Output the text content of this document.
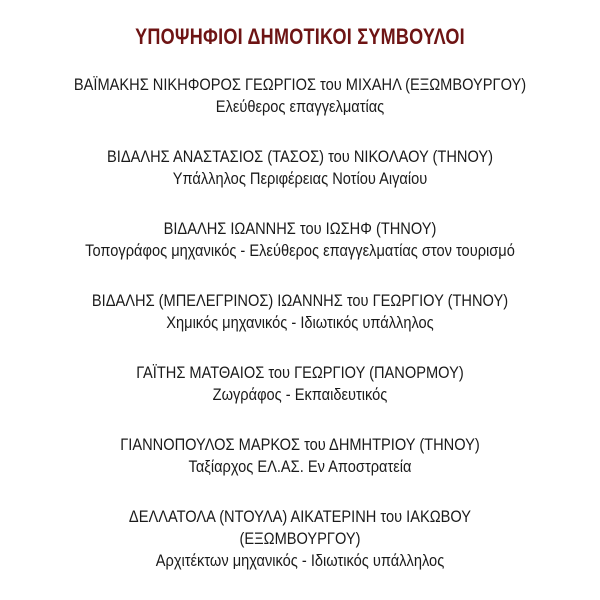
ΥΠΟΨΗΦΙΟΙ ΔΗΜΟΤΙΚΟΙ ΣΥΜΒΟΥΛΟΙ
ΒΑΪΜΑΚΗΣ ΝΙΚΗΦΟΡΟΣ ΓΕΩΡΓΙΟΣ του ΜΙΧΑΗΛ (ΕΞΩΜΒΟΥΡΓΟΥ)
Ελεύθερος επαγγελματίας
ΒΙΔΑΛΗΣ ΑΝΑΣΤΑΣΙΟΣ (ΤΑΣΟΣ) του ΝΙΚΟΛΑΟΥ (ΤΗΝΟΥ)
Υπάλληλος Περιφέρειας Νοτίου Αιγαίου
ΒΙΔΑΛΗΣ ΙΩΑΝΝΗΣ του ΙΩΣΗΦ (ΤΗΝΟΥ)
Τοπογράφος μηχανικός - Ελεύθερος επαγγελματίας στον τουρισμό
ΒΙΔΑΛΗΣ (ΜΠΕΛΕΓΡΙΝΟΣ) ΙΩΑΝΝΗΣ του ΓΕΩΡΓΙΟΥ (ΤΗΝΟΥ)
Χημικός μηχανικός - Ιδιωτικός υπάλληλος
ΓΑΪΤΗΣ ΜΑΤΘΑΙΟΣ του ΓΕΩΡΓΙΟΥ (ΠΑΝΟΡΜΟΥ)
Ζωγράφος - Εκπαιδευτικός
ΓΙΑΝΝΟΠΟΥΛΟΣ ΜΑΡΚΟΣ του ΔΗΜΗΤΡΙΟΥ (ΤΗΝΟΥ)
Ταξίαρχος ΕΛ.ΑΣ. Εν Αποστρατεία
ΔΕΛΛΑΤΟΛΑ (ΝΤΟΥΛΑ) ΑΙΚΑΤΕΡΙΝΗ του ΙΑΚΩΒΟΥ
(ΕΞΩΜΒΟΥΡΓΟΥ)
Αρχιτέκτων μηχανικός - Ιδιωτικός υπάλληλος
